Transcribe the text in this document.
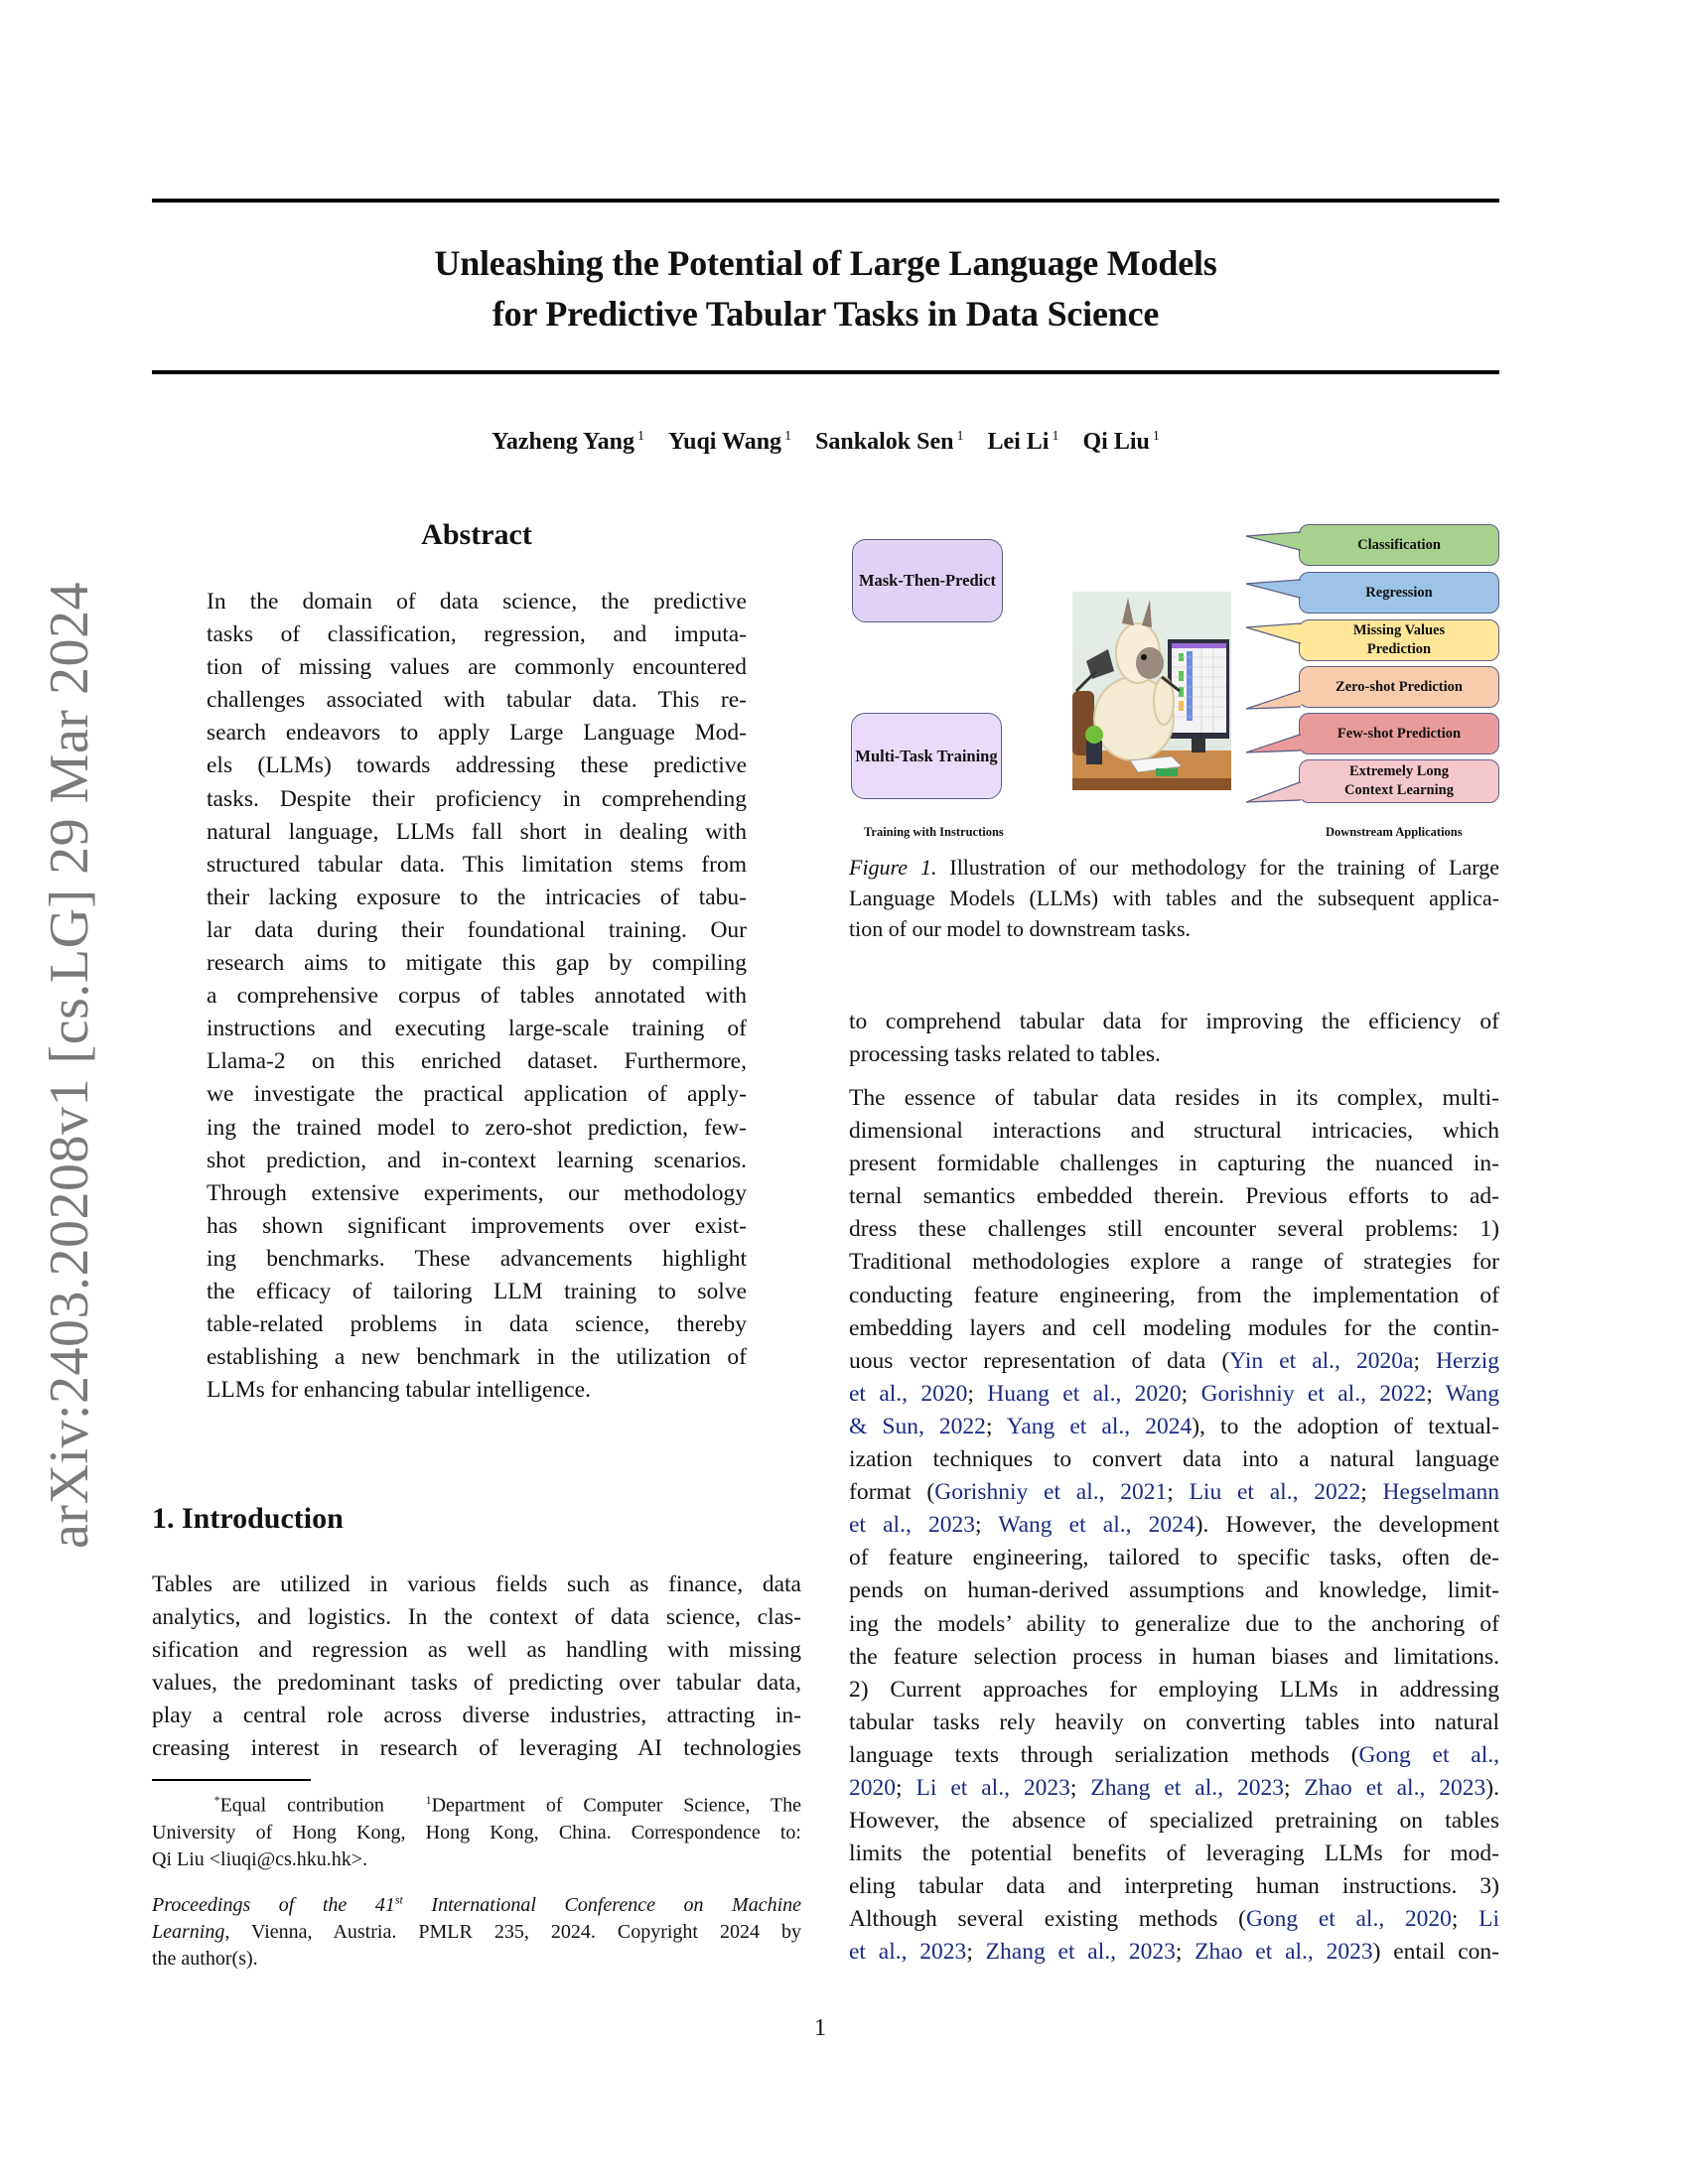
arXiv:2403.20208v1 [cs.LG] 29 Mar 2024
Unleashing the Potential of Large Language Models
for Predictive Tabular Tasks in Data Science
Yazheng Yang $^1$ Yuqi Wang $^1$ Sankalok Sen $^1$ Lei Li $^1$ Qi Liu $^1$
Abstract
In the domain of data science, the predictive
tasks of classification, regression, and imputa-
tion of missing values are commonly encountered
challenges associated with tabular data. This re-
search endeavors to apply Large Language Mod-
els (LLMs) towards addressing these predictive
tasks. Despite their proficiency in comprehending
natural language, LLMs fall short in dealing with
structured tabular data. This limitation stems from
their lacking exposure to the intricacies of tabu-
lar data during their foundational training. Our
research aims to mitigate this gap by compiling
a comprehensive corpus of tables annotated with
instructions and executing large-scale training of
Llama-2 on this enriched dataset. Furthermore,
we investigate the practical application of apply-
ing the trained model to zero-shot prediction, few-
shot prediction, and in-context learning scenarios.
Through extensive experiments, our methodology
has shown significant improvements over exist-
ing benchmarks. These advancements highlight
the efficacy of tailoring LLM training to solve
table-related problems in data science, thereby
establishing a new benchmark in the utilization of
LLMs for enhancing tabular intelligence.
1. Introduction
Tables are utilized in various fields such as finance, data
analytics, and logistics. In the context of data science, clas-
sification and regression as well as handling with missing
values, the predominant tasks of predicting over tabular data,
play a central role across diverse industries, attracting in-
creasing interest in research of leveraging AI technologies
*Equal contribution	$^1$Department of Computer Science, The
University of Hong Kong, Hong Kong, China. Correspondence to:
Qi Liu <liuqi@cs.hku.hk>.
Proceedings of the 41st International Conference on Machine
Learning, Vienna, Austria. PMLR 235, 2024. Copyright 2024 by
the author(s).
Mask-Then-Predict
Multi-Task Training
Classification
Regression
Missing Values Prediction
Zero-shot Prediction
Few-shot Prediction
Extremely Long Context Learning
Training with Instructions	Downstream Applications
Figure 1. Illustration of our methodology for the training of Large
Language Models (LLMs) with tables and the subsequent applica-
tion of our model to downstream tasks.
to comprehend tabular data for improving the efficiency of
processing tasks related to tables.
The essence of tabular data resides in its complex, multi-
dimensional interactions and structural intricacies, which
present formidable challenges in capturing the nuanced in-
ternal semantics embedded therein. Previous efforts to ad-
dress these challenges still encounter several problems: 1)
Traditional methodologies explore a range of strategies for
conducting feature engineering, from the implementation of
embedding layers and cell modeling modules for the contin-
uous vector representation of data (Yin et al., 2020a; Herzig
et al., 2020; Huang et al., 2020; Gorishniy et al., 2022; Wang
& Sun, 2022; Yang et al., 2024), to the adoption of textual-
ization techniques to convert data into a natural language
format (Gorishniy et al., 2021; Liu et al., 2022; Hegselmann
et al., 2023; Wang et al., 2024). However, the development
of feature engineering, tailored to specific tasks, often de-
pends on human-derived assumptions and knowledge, limit-
ing the models’ ability to generalize due to the anchoring of
the feature selection process in human biases and limitations.
2) Current approaches for employing LLMs in addressing
tabular tasks rely heavily on converting tables into natural
language texts through serialization methods (Gong et al.,
2020; Li et al., 2023; Zhang et al., 2023; Zhao et al., 2023).
However, the absence of specialized pretraining on tables
limits the potential benefits of leveraging LLMs for mod-
eling tabular data and interpreting human instructions. 3)
Although several existing methods (Gong et al., 2020; Li
et al., 2023; Zhang et al., 2023; Zhao et al., 2023) entail con-
1
